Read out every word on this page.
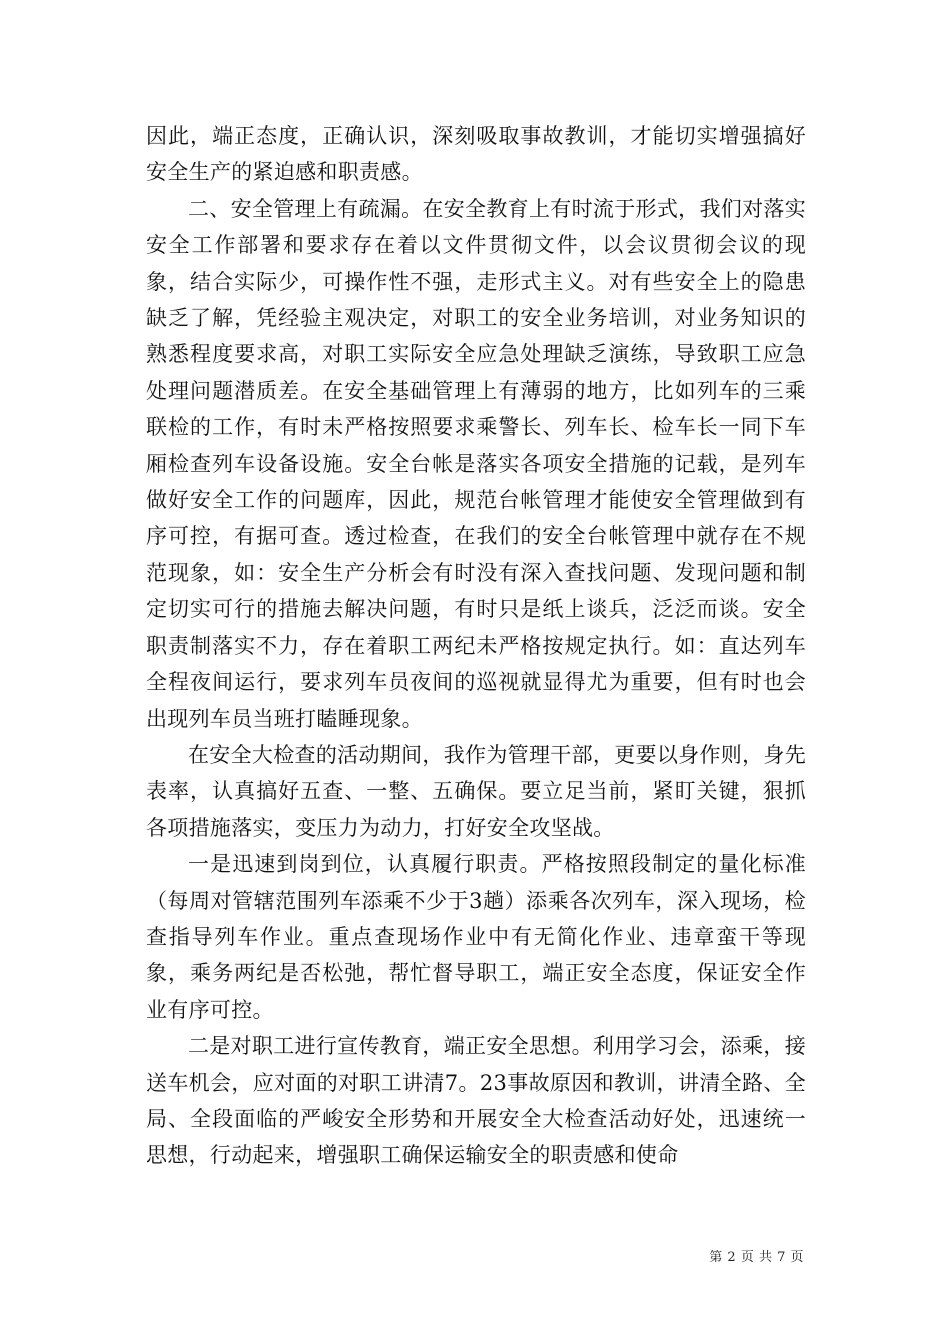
因此，端正态度，正确认识，深刻吸取事故教训，才能切实增强搞好安全生产的紧迫感和职责感。

二、安全管理上有疏漏。在安全教育上有时流于形式，我们对落实安全工作部署和要求存在着以文件贯彻文件，以会议贯彻会议的现象，结合实际少，可操作性不强，走形式主义。对有些安全上的隐患缺乏了解，凭经验主观决定，对职工的安全业务培训，对业务知识的熟悉程度要求高，对职工实际安全应急处理缺乏演练，导致职工应急处理问题潜质差。在安全基础管理上有薄弱的地方，比如列车的三乘联检的工作，有时未严格按照要求乘警长、列车长、检车长一同下车厢检查列车设备设施。安全台帐是落实各项安全措施的记载，是列车做好安全工作的问题库，因此，规范台帐管理才能使安全管理做到有序可控，有据可查。透过检查，在我们的安全台帐管理中就存在不规范现象，如：安全生产分析会有时没有深入查找问题、发现问题和制定切实可行的措施去解决问题，有时只是纸上谈兵，泛泛而谈。安全职责制落实不力，存在着职工两纪未严格按规定执行。如：直达列车全程夜间运行，要求列车员夜间的巡视就显得尤为重要，但有时也会出现列车员当班打瞌睡现象。

在安全大检查的活动期间，我作为管理干部，更要以身作则，身先表率，认真搞好五查、一整、五确保。要立足当前，紧盯关键，狠抓各项措施落实，变压力为动力，打好安全攻坚战。

一是迅速到岗到位，认真履行职责。严格按照段制定的量化标准（每周对管辖范围列车添乘不少于3趟）添乘各次列车，深入现场，检查指导列车作业。重点查现场作业中有无简化作业、违章蛮干等现象，乘务两纪是否松弛，帮忙督导职工，端正安全态度，保证安全作业有序可控。

二是对职工进行宣传教育，端正安全思想。利用学习会，添乘，接送车机会，应对面的对职工讲清7。23事故原因和教训，讲清全路、全局、全段面临的严峻安全形势和开展安全大检查活动好处，迅速统一思想，行动起来，增强职工确保运输安全的职责感和使命

第 2 页 共 7 页
